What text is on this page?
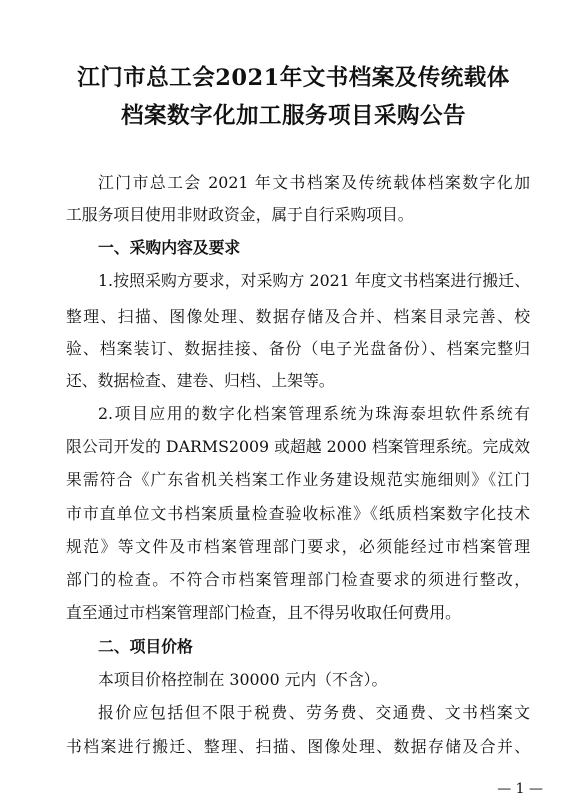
江门市总工会2021年文书档案及传统载体
档案数字化加工服务项目采购公告
江门市总工会 2021 年文书档案及传统载体档案数字化加
工服务项目使用非财政资金，属于自行采购项目。
一、采购内容及要求
1.按照采购方要求，对采购方 2021 年度文书档案进行搬迁、
整理、扫描、图像处理、数据存储及合并、档案目录完善、校
验、档案装订、数据挂接、备份（电子光盘备份）、档案完整归
还、数据检查、建卷、归档、上架等。
2.项目应用的数字化档案管理系统为珠海泰坦软件系统有
限公司开发的 DARMS2009 或超越 2000 档案管理系统。完成效
果需符合《广东省机关档案工作业务建设规范实施细则》《江门
市市直单位文书档案质量检查验收标准》《纸质档案数字化技术
规范》等文件及市档案管理部门要求，必须能经过市档案管理
部门的检查。不符合市档案管理部门检查要求的须进行整改，
直至通过市档案管理部门检查，且不得另收取任何费用。
二、项目价格
本项目价格控制在 30000 元内（不含）。
报价应包括但不限于税费、劳务费、交通费、文书档案文
书档案进行搬迁、整理、扫描、图像处理、数据存储及合并、
— 1 —
